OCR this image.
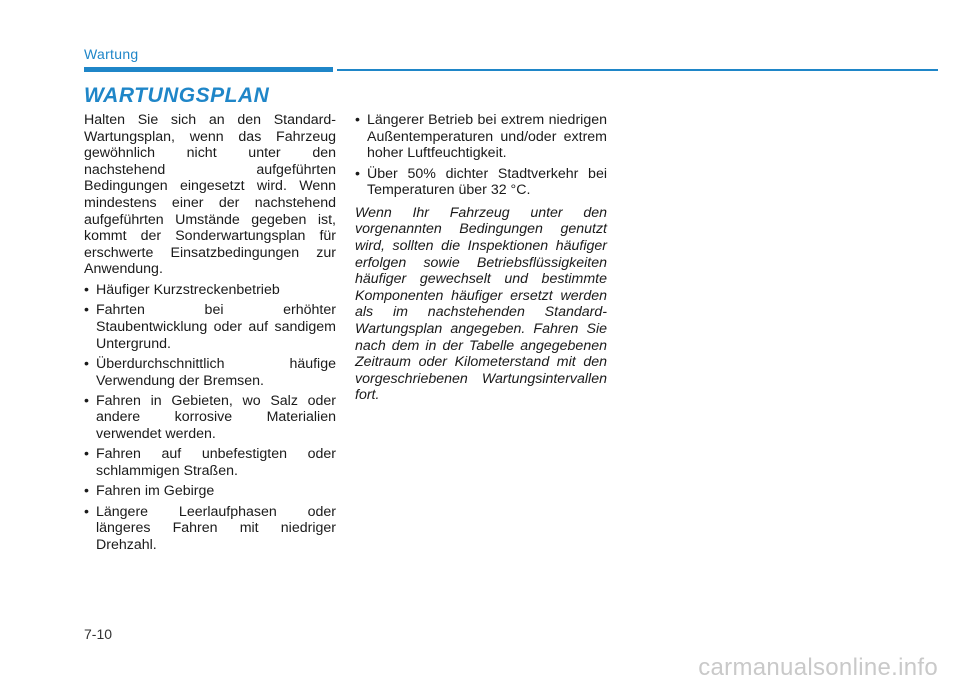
Wartung
WARTUNGSPLAN

Halten Sie sich an den Standard-Wartungsplan, wenn das Fahrzeug gewöhnlich nicht unter den nachstehend aufgeführten Bedingungen eingesetzt wird. Wenn mindestens einer der nachstehend aufgeführten Umstände gegeben ist, kommt der Sonderwartungsplan für erschwerte Einsatzbedingungen zur Anwendung.

• Häufiger Kurzstreckenbetrieb
• Fahrten bei erhöhter Staubentwicklung oder auf sandigem Untergrund.
• Überdurchschnittlich häufige Verwendung der Bremsen.
• Fahren in Gebieten, wo Salz oder andere korrosive Materialien verwendet werden.
• Fahren auf unbefestigten oder schlammigen Straßen.
• Fahren im Gebirge
• Längere Leerlaufphasen oder längeres Fahren mit niedriger Drehzahl.
• Längerer Betrieb bei extrem niedrigen Außentemperaturen und/oder extrem hoher Luftfeuchtigkeit.
• Über 50% dichter Stadtverkehr bei Temperaturen über 32 °C.

Wenn Ihr Fahrzeug unter den vorgenannten Bedingungen genutzt wird, sollten die Inspektionen häufiger erfolgen sowie Betriebsflüssigkeiten häufiger gewechselt und bestimmte Komponenten häufiger ersetzt werden als im nachstehenden Standard-Wartungsplan angegeben. Fahren Sie nach dem in der Tabelle angegebenen Zeitraum oder Kilometerstand mit den vorgeschriebenen Wartungsintervallen fort.

7-10
carmanualsonline.info
